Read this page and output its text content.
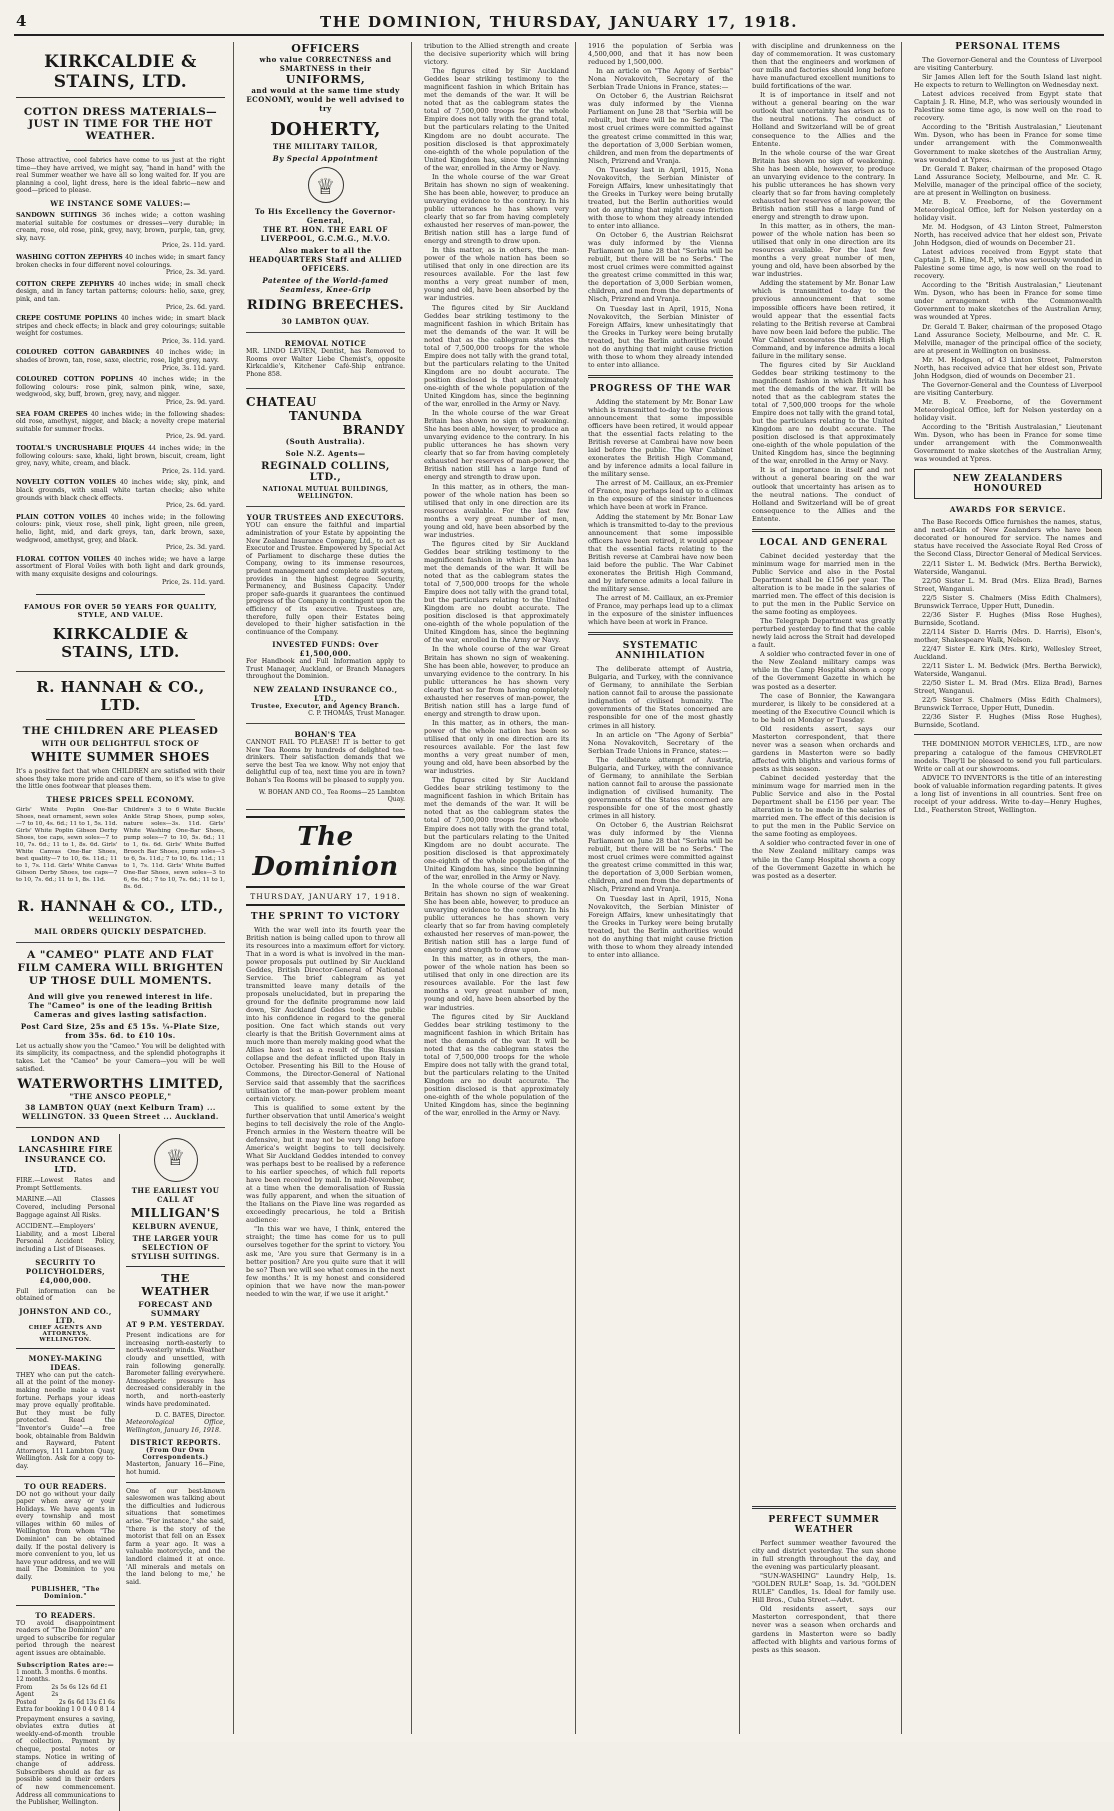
4	THE DOMINION, THURSDAY, JANUARY 17, 1918.
KIRKCALDIE & STAINS, LTD.
COTTON DRESS MATERIALS—JUST IN TIME FOR THE HOT WEATHER.
Those attractive, cool fabrics have come to us just at the right time—they have arrived, we might say, "hand in hand" with the real Summer weather we have all so long waited for. If you are planning a cool, light dress, here is the ideal fabric—new and good—priced to please.
WE INSTANCE SOME VALUES:—
SANDOWN SUITINGS 36 inches wide; a cotton washing material suitable for costumes or dresses—very durable; in cream, rose, old rose, pink, grey, navy, brown, purple, tan, grey, sky, navy.
Price, 2s. 11d. yard.
WASHING COTTON ZEPHYRS 40 inches wide; in smart fancy broken checks in four different novel colourings.
Price, 2s. 3d. yard.
COTTON CREPE ZEPHYRS 40 inches wide; in small check design, and in fancy tartan patterns; colours: helio, saxe, grey, pink, and tan.
Price, 2s. 6d. yard.
CREPE COSTUME POPLINS 40 inches wide; in smart black stripes and check effects; in black and grey colourings; suitable weight for costumes.
Price, 3s. 11d. yard.
COLOURED COTTON GABARDINES 40 inches wide; in shades of brown, tan, rose, saxe, electric, rose, light grey, navy.
Price, 3s. 11d. yard.
COLOURED COTTON POPLINS 40 inches wide; in the following colours: rose pink, salmon pink, wine, saxe, wedgwood, sky, buff, brown, grey, navy, and nigger.
Price, 2s. 9d. yard.
SEA FOAM CREPES 40 inches wide; in the following shades: old rose, amethyst, nigger, and black; a novelty crepe material suitable for summer frocks.
Price, 2s. 9d. yard.
TOOTAL'S UNCRUSHABLE PIQUES 44 inches wide; in the following colours: saxe, khaki, light brown, biscuit, cream, light grey, navy, white, cream, and black.
Price, 2s. 11d. yard.
NOVELTY COTTON VOILES 40 inches wide; sky, pink, and black grounds, with small white tartan checks; also white grounds with black check effects.
Price, 2s. 6d. yard.
PLAIN COTTON VOILES 40 inches wide; in the following colours: pink, vieux rose, shell pink, light green, nile green, helio, light, mid, and dark greys, tan, dark brown, saxe, wedgwood, amethyst, grey, and black.
Price, 2s. 3d. yard.
FLORAL COTTON VOILES 40 inches wide; we have a large assortment of Floral Voiles with both light and dark grounds, with many exquisite designs and colourings.
Price, 2s. 11d. yard.
FAMOUS FOR OVER 50 YEARS FOR QUALITY, STYLE, AND VALUE.
KIRKCALDIE & STAINS, LTD.
R. HANNAH & CO., LTD.
THE CHILDREN ARE PLEASED
WITH OUR DELIGHTFUL STOCK OF
WHITE SUMMER SHOES
It's a positive fact that when CHILDREN are satisfied with their shoes they take more pride and care of them, so it's wise to give the little ones footwear that pleases them.
THESE PRICES SPELL ECONOMY.
Girls' White Poplin One-Bar Shoes, neat ornament, sewn soles—7 to 10, 4s. 6d.; 11 to 1, 5s. 11d. Girls' White Poplin Gibson Derby Shoes, toe caps, sewn soles—7 to 10, 7s. 6d.; 11 to 1, 8s. 6d. Girls' White Canvas One-Bar Shoes, best quality—7 to 10, 6s. 11d.; 11 to 1, 7s. 11d. Girls' White Canvas Gibson Derby Shoes, toe caps—7 to 10, 7s. 6d.; 11 to 1, 8s. 11d.
Children's 3 to 6 White Buckle Ankle Strap Shoes, pump soles, nature soles—3s. 11d. Girls' White Washing One-Bar Shoes, pump soles—7 to 10, 5s. 6d.; 11 to 1, 6s. 6d. Girls' White Buffed Brooch Bar Shoes, pump soles—3 to 6, 5s. 11d.; 7 to 10, 6s. 11d.; 11 to 1, 7s. 11d. Girls' White Buffed One-Bar Shoes, sewn soles—3 to 6, 6s. 6d.; 7 to 10, 7s. 6d.; 11 to 1, 8s. 6d.
R. HANNAH & CO., LTD.,
WELLINGTON.
MAIL ORDERS QUICKLY DESPATCHED.
A "CAMEO" PLATE AND FLAT FILM CAMERA WILL BRIGHTEN UP THOSE DULL MOMENTS.
And will give you renewed interest in life.
The "Cameo" is one of the leading British Cameras and gives lasting satisfaction.
Post Card Size, 25s and £5 15s. ¼-Plate Size, from 35s. 6d. to £10 10s.
Let us actually show you the "Cameo." You will be delighted with its simplicity, its compactness, and the splendid photographs it takes. Let the "Cameo" be your Camera—you will be well satisfied.
WATERWORTHS LIMITED,
"THE ANSCO PEOPLE,"
38 LAMBTON QUAY (next Kelburn Tram) ... WELLINGTON. 33 Queen Street ... Auckland.
LONDON AND LANCASHIRE FIRE INSURANCE CO. LTD.
FIRE.—Lowest Rates and Prompt Settlements.
MARINE.—All Classes Covered, including Personal Baggage against All Risks.
ACCIDENT.—Employers' Liability, and a most Liberal Personal Accident Policy, including a List of Diseases.
SECURITY TO POLICYHOLDERS, £4,000,000.
Full information can be obtained of
JOHNSTON AND CO., LTD.
CHIEF AGENTS AND ATTORNEYS, WELLINGTON.
MONEY-MAKING IDEAS.
THEY who can put the catch-all at the point of the money-making needle make a vast fortune. Perhaps your ideas may prove equally profitable. But they must be fully protected. Read the "Inventor's Guide"—a free book, obtainable from Baldwin and Rayward, Patent Attorneys, 111 Lambton Quay, Wellington. Ask for a copy to-day.
TO OUR READERS.
DO not go without your daily paper when away or your Holidays. We have agents in every township and most villages within 60 miles of Wellington from whom "The Dominion" can be obtained daily. If the postal delivery is more convenient to you, let us have your address, and we will mail The Dominion to you daily.
PUBLISHER, "The Dominion."
TO READERS.
TO avoid disappointment readers of "The Dominion" are urged to subscribe for regular period through the nearest agent issues are obtainable.
Subscription Rates are:—
1 month. 3 months. 6 months. 12 months.
From Agent
2s 5s 6s 12s 6d £1 2s
Posted	2s 6s 6d 13s £1 6s
Extra for booking 1 0 0 4 0 8 1 4
Prepayment ensures a saving, obviates extra duties at weekly-end-of-month trouble of collection. Payment by cheque, postal notes or stamps. Notice in writing of change of address. Subscribers should as far as possible send in their orders of new commencement. Address all communications to the Publisher, Wellington.
♕
THE EARLIEST YOU CALL AT
MILLIGAN'S
KELBURN AVENUE,
THE LARGER YOUR SELECTION OF STYLISH SUITINGS.
THE WEATHER
FORECAST AND SUMMARY
AT 9 P.M. YESTERDAY.
Present indications are for increasing north-easterly to north-westerly winds. Weather cloudy and unsettled, with rain following generally. Barometer falling everywhere. Atmospheric pressure has decreased considerably in the north, and north-easterly winds have predominated.
D. C. BATES, Director.
Meteorological Office, Wellington, January 16, 1918.
DISTRICT REPORTS.
(From Our Own Correspondents.)
Masterton, January 16—Fine, hot humid.
One of our best-known saleswomen was talking about the difficulties and ludicrous situations that sometimes arise. "For instance," she said, "there is the story of the motorist that fell on an Essex farm a year ago. It was a valuable motorcycle, and the landlord claimed it at once. 'All minerals and metals on the land belong to me,' he said.
OFFICERS
who value CORRECTNESS and SMARTNESS in their
UNIFORMS,
and would at the same time study ECONOMY, would be well advised to try
DOHERTY,
THE MILITARY TAILOR,
By Special Appointment
♕
To His Excellency the Governor-General,
THE RT. HON. THE EARL OF LIVERPOOL, G.C.M.G., M.V.O.
Also maker to all the HEADQUARTERS Staff and ALLIED OFFICERS.
Patentee of the World-famed Seamless, Knee-Grip
RIDING BREECHES.
30 LAMBTON QUAY.
REMOVAL NOTICE
MR. LINDO LEVIEN, Dentist, has Removed to Rooms over Walter Liebe Chemist's, opposite Kirkcaldie's, Kitchener Café-Ship entrance. Phone 858.
CHATEAU
TANUNDA
BRANDY
(South Australia).
Sole N.Z. Agents—
REGINALD COLLINS, LTD.,
NATIONAL MUTUAL BUILDINGS, WELLINGTON.
YOUR TRUSTEES AND EXECUTORS.
YOU can ensure the faithful and impartial administration of your Estate by appointing the New Zealand Insurance Company, Ltd., to act as Executor and Trustee. Empowered by Special Act of Parliament to discharge these duties the Company, owing to its immense resources, prudent management and complete audit system, provides in the highest degree Security, Permanency, and Business Capacity. Under proper safe-guards it guarantees the continued progress of the Company in contingent upon the efficiency of its executive. Trustees are, therefore, fully open their Estates being developed to their higher satisfaction in the continuance of the Company.
INVESTED FUNDS: Over £1,500,000.
For Handbook and Full Information apply to Trust Manager, Auckland, or Branch Managers throughout the Dominion.
NEW ZEALAND INSURANCE CO., LTD.,
Trustee, Executor, and Agency Branch.
C. P. THOMAS, Trust Manager.
BOHAN'S TEA
CANNOT FAIL TO PLEASE! IT is better to get New Tea Rooms by hundreds of delighted tea-drinkers. Their satisfaction demands that we serve the best Tea we know. Why not enjoy that delightful cup of tea, next time you are in town? Bohan's Tea Rooms will be pleased to supply you.
W. BOHAN AND CO., Tea Rooms—25 Lambton Quay.
The Dominion
THURSDAY, JANUARY 17, 1918.
THE SPRINT TO VICTORY

With the war well into its fourth year the British nation is being called upon to throw all its resources into a maximum effort for victory. That in a word is what is involved in the man-power proposals put outlined by Sir Auckland Geddes, British Director-General of National Service. The brief cablegram as yet transmitted leave many details of the proposals unelucidated, but in preparing the ground for the definite programme now laid down, Sir Auckland Geddes took the public into his confidence in regard to the general position. One fact which stands out very clearly is that the British Government aims at much more than merely making good what the Allies have lost as a result of the Russian collapse and the defeat inflicted upon Italy in October. Presenting his Bill to the House of Commons, the Director-General of National Service said that assembly that the sacrifices utilisation of the man-power problem meant certain victory.

This is qualified to some extent by the further observation that until America's weight begins to tell decisively the role of the Anglo-French armies in the Western theatre will be defensive, but it may not be very long before America's weight begins to tell decisively. What Sir Auckland Geddes intended to convey was perhaps best to be realised by a reference to his earlier speeches, of which full reports have been received by mail. In mid-November, at a time when the demoralisation of Russia was fully apparent, and when the situation of the Italians on the Piave line was regarded as exceedingly precarious, he told a British audience:

"In this war we have, I think, entered the straight; the time has come for us to pull ourselves together for the sprint to victory. You ask me, 'Are you sure that Germany is in a better position? Are you quite sure that it will be so? Then we will see what comes in the next few months.' It is my honest and considered opinion that we have now the man-power needed to win the war, if we use it aright."

tribution to the Allied strength and create the decisive superiority which will bring victory.

The figures cited by Sir Auckland Geddes bear striking testimony to the magnificent fashion in which Britain has met the demands of the war. It will be noted that as the cablegram states the total of 7,500,000 troops for the whole Empire does not tally with the grand total, but the particulars relating to the United Kingdom are no doubt accurate. The position disclosed is that approximately one-eighth of the whole population of the United Kingdom has, since the beginning of the war, enrolled in the Army or Navy.

In the whole course of the war Great Britain has shown no sign of weakening. She has been able, however, to produce an unvarying evidence to the contrary. In his public utterances he has shown very clearly that so far from having completely exhausted her reserves of man-power, the British nation still has a large fund of energy and strength to draw upon.

In this matter, as in others, the man-power of the whole nation has been so utilised that only in one direction are its resources available. For the last few months a very great number of men, young and old, have been absorbed by the war industries.

The figures cited by Sir Auckland Geddes bear striking testimony to the magnificent fashion in which Britain has met the demands of the war. It will be noted that as the cablegram states the total of 7,500,000 troops for the whole Empire does not tally with the grand total, but the particulars relating to the United Kingdom are no doubt accurate. The position disclosed is that approximately one-eighth of the whole population of the United Kingdom has, since the beginning of the war, enrolled in the Army or Navy.

In the whole course of the war Great Britain has shown no sign of weakening. She has been able, however, to produce an unvarying evidence to the contrary. In his public utterances he has shown very clearly that so far from having completely exhausted her reserves of man-power, the British nation still has a large fund of energy and strength to draw upon.

In this matter, as in others, the man-power of the whole nation has been so utilised that only in one direction are its resources available. For the last few months a very great number of men, young and old, have been absorbed by the war industries.

The figures cited by Sir Auckland Geddes bear striking testimony to the magnificent fashion in which Britain has met the demands of the war. It will be noted that as the cablegram states the total of 7,500,000 troops for the whole Empire does not tally with the grand total, but the particulars relating to the United Kingdom are no doubt accurate. The position disclosed is that approximately one-eighth of the whole population of the United Kingdom has, since the beginning of the war, enrolled in the Army or Navy.

In the whole course of the war Great Britain has shown no sign of weakening. She has been able, however, to produce an unvarying evidence to the contrary. In his public utterances he has shown very clearly that so far from having completely exhausted her reserves of man-power, the British nation still has a large fund of energy and strength to draw upon.

In this matter, as in others, the man-power of the whole nation has been so utilised that only in one direction are its resources available. For the last few months a very great number of men, young and old, have been absorbed by the war industries.

The figures cited by Sir Auckland Geddes bear striking testimony to the magnificent fashion in which Britain has met the demands of the war. It will be noted that as the cablegram states the total of 7,500,000 troops for the whole Empire does not tally with the grand total, but the particulars relating to the United Kingdom are no doubt accurate. The position disclosed is that approximately one-eighth of the whole population of the United Kingdom has, since the beginning of the war, enrolled in the Army or Navy.

In the whole course of the war Great Britain has shown no sign of weakening. She has been able, however, to produce an unvarying evidence to the contrary. In his public utterances he has shown very clearly that so far from having completely exhausted her reserves of man-power, the British nation still has a large fund of energy and strength to draw upon.

In this matter, as in others, the man-power of the whole nation has been so utilised that only in one direction are its resources available. For the last few months a very great number of men, young and old, have been absorbed by the war industries.

The figures cited by Sir Auckland Geddes bear striking testimony to the magnificent fashion in which Britain has met the demands of the war. It will be noted that as the cablegram states the total of 7,500,000 troops for the whole Empire does not tally with the grand total, but the particulars relating to the United Kingdom are no doubt accurate. The position disclosed is that approximately one-eighth of the whole population of the United Kingdom has, since the beginning of the war, enrolled in the Army or Navy.

1916 the population of Serbia was 4,500,000, and that it has now been reduced by 1,500,000.

In an article on "The Agony of Serbia" Nona Novakovitch, Secretary of the Serbian Trade Unions in France, states:—

On October 6, the Austrian Reichsrat was duly informed by the Vienna Parliament on June 28 that "Serbia will be rebuilt, but there will be no Serbs." The most cruel crimes were committed against the greatest crime committed in this war, the deportation of 3,000 Serbian women, children, and men from the departments of Nisch, Prizrend and Vranja.

On Tuesday last in April, 1915, Nona Novakovitch, the Serbian Minister of Foreign Affairs, knew unhesitatingly that the Greeks in Turkey were being brutally treated, but the Berlin authorities would not do anything that might cause friction with those to whom they already intended to enter into alliance.

On October 6, the Austrian Reichsrat was duly informed by the Vienna Parliament on June 28 that "Serbia will be rebuilt, but there will be no Serbs." The most cruel crimes were committed against the greatest crime committed in this war, the deportation of 3,000 Serbian women, children, and men from the departments of Nisch, Prizrend and Vranja.

On Tuesday last in April, 1915, Nona Novakovitch, the Serbian Minister of Foreign Affairs, knew unhesitatingly that the Greeks in Turkey were being brutally treated, but the Berlin authorities would not do anything that might cause friction with those to whom they already intended to enter into alliance.

PROGRESS OF THE WAR

Adding the statement by Mr. Bonar Law which is transmitted to-day to the previous announcement that some impossible officers have been retired, it would appear that the essential facts relating to the British reverse at Cambrai have now been laid before the public. The War Cabinet exonerates the British High Command, and by inference admits a local failure in the military sense.

The arrest of M. Caillaux, an ex-Premier of France, may perhaps lead up to a climax in the exposure of the sinister influences which have been at work in France.

Adding the statement by Mr. Bonar Law which is transmitted to-day to the previous announcement that some impossible officers have been retired, it would appear that the essential facts relating to the British reverse at Cambrai have now been laid before the public. The War Cabinet exonerates the British High Command, and by inference admits a local failure in the military sense.

The arrest of M. Caillaux, an ex-Premier of France, may perhaps lead up to a climax in the exposure of the sinister influences which have been at work in France.

SYSTEMATIC ANNIHILATION

The deliberate attempt of Austria, Bulgaria, and Turkey, with the connivance of Germany, to annihilate the Serbian nation cannot fail to arouse the passionate indignation of civilised humanity. The governments of the States concerned are responsible for one of the most ghastly crimes in all history.

In an article on "The Agony of Serbia" Nona Novakovitch, Secretary of the Serbian Trade Unions in France, states:—

The deliberate attempt of Austria, Bulgaria, and Turkey, with the connivance of Germany, to annihilate the Serbian nation cannot fail to arouse the passionate indignation of civilised humanity. The governments of the States concerned are responsible for one of the most ghastly crimes in all history.

On October 6, the Austrian Reichsrat was duly informed by the Vienna Parliament on June 28 that "Serbia will be rebuilt, but there will be no Serbs." The most cruel crimes were committed against the greatest crime committed in this war, the deportation of 3,000 Serbian women, children, and men from the departments of Nisch, Prizrend and Vranja.

On Tuesday last in April, 1915, Nona Novakovitch, the Serbian Minister of Foreign Affairs, knew unhesitatingly that the Greeks in Turkey were being brutally treated, but the Berlin authorities would not do anything that might cause friction with those to whom they already intended to enter into alliance.

with discipline and drunkenness on the day of commemoration. It was customary then that the engineers and workmen of our mills and factories should long before have manufactured excellent munitions to build fortifications of the war.

It is of importance in itself and not without a general bearing on the war outlook that uncertainty has arisen as to the neutral nations. The conduct of Holland and Switzerland will be of great consequence to the Allies and the Entente.

In the whole course of the war Great Britain has shown no sign of weakening. She has been able, however, to produce an unvarying evidence to the contrary. In his public utterances he has shown very clearly that so far from having completely exhausted her reserves of man-power, the British nation still has a large fund of energy and strength to draw upon.

In this matter, as in others, the man-power of the whole nation has been so utilised that only in one direction are its resources available. For the last few months a very great number of men, young and old, have been absorbed by the war industries.

Adding the statement by Mr. Bonar Law which is transmitted to-day to the previous announcement that some impossible officers have been retired, it would appear that the essential facts relating to the British reverse at Cambrai have now been laid before the public. The War Cabinet exonerates the British High Command, and by inference admits a local failure in the military sense.

The figures cited by Sir Auckland Geddes bear striking testimony to the magnificent fashion in which Britain has met the demands of the war. It will be noted that as the cablegram states the total of 7,500,000 troops for the whole Empire does not tally with the grand total, but the particulars relating to the United Kingdom are no doubt accurate. The position disclosed is that approximately one-eighth of the whole population of the United Kingdom has, since the beginning of the war, enrolled in the Army or Navy.

It is of importance in itself and not without a general bearing on the war outlook that uncertainty has arisen as to the neutral nations. The conduct of Holland and Switzerland will be of great consequence to the Allies and the Entente.

LOCAL AND GENERAL

Cabinet decided yesterday that the minimum wage for married men in the Public Service and also in the Postal Department shall be £156 per year. The alteration is to be made in the salaries of married men. The effect of this decision is to put the men in the Public Service on the same footing as employees.

The Telegraph Department was greatly perturbed yesterday to find that the cable newly laid across the Strait had developed a fault.

A soldier who contracted fever in one of the New Zealand military camps was while in the Camp Hospital shown a copy of the Government Gazette in which he was posted as a deserter.

The case of Bonnier, the Kawangara murderer, is likely to be considered at a meeting of the Executive Council which is to be held on Monday or Tuesday.

Old residents assert, says our Masterton correspondent, that there never was a season when orchards and gardens in Masterton were so badly affected with blights and various forms of pests as this season.

Cabinet decided yesterday that the minimum wage for married men in the Public Service and also in the Postal Department shall be £156 per year. The alteration is to be made in the salaries of married men. The effect of this decision is to put the men in the Public Service on the same footing as employees.

A soldier who contracted fever in one of the New Zealand military camps was while in the Camp Hospital shown a copy of the Government Gazette in which he was posted as a deserter.

PERSONAL ITEMS

The Governor-General and the Countess of Liverpool are visiting Canterbury.

Sir James Allen left for the South Island last night. He expects to return to Wellington on Wednesday next.

Latest advices received from Egypt state that Captain J. R. Hine, M.P., who was seriously wounded in Palestine some time ago, is now well on the road to recovery.

According to the "British Australasian," Lieutenant Wm. Dyson, who has been in France for some time under arrangement with the Commonwealth Government to make sketches of the Australian Army, was wounded at Ypres.

Dr. Gerald T. Baker, chairman of the proposed Otago Land Assurance Society, Melbourne, and Mr. C. R. Melville, manager of the principal office of the society, are at present in Wellington on business.

Mr. B. V. Freeborne, of the Government Meteorological Office, left for Nelson yesterday on a holiday visit.

Mr. M. Hodgson, of 43 Linton Street, Palmerston North, has received advice that her eldest son, Private John Hodgson, died of wounds on December 21.

Latest advices received from Egypt state that Captain J. R. Hine, M.P., who was seriously wounded in Palestine some time ago, is now well on the road to recovery.

According to the "British Australasian," Lieutenant Wm. Dyson, who has been in France for some time under arrangement with the Commonwealth Government to make sketches of the Australian Army, was wounded at Ypres.

Dr. Gerald T. Baker, chairman of the proposed Otago Land Assurance Society, Melbourne, and Mr. C. R. Melville, manager of the principal office of the society, are at present in Wellington on business.

Mr. M. Hodgson, of 43 Linton Street, Palmerston North, has received advice that her eldest son, Private John Hodgson, died of wounds on December 21.

The Governor-General and the Countess of Liverpool are visiting Canterbury.

Mr. B. V. Freeborne, of the Government Meteorological Office, left for Nelson yesterday on a holiday visit.

According to the "British Australasian," Lieutenant Wm. Dyson, who has been in France for some time under arrangement with the Commonwealth Government to make sketches of the Australian Army, was wounded at Ypres.

NEW ZEALANDERS HONOURED
AWARDS FOR SERVICE.

The Base Records Office furnishes the names, status, and next-of-kin of New Zealanders who have been decorated or honoured for service. The names and status have received the Associate Royal Red Cross of the Second Class, Director General of Medical Services.

22/11 Sister L. M. Bedwick (Mrs. Bertha Berwick), Waterside, Wanganui.

22/50 Sister L. M. Brad (Mrs. Eliza Brad), Barnes Street, Wanganui.

22/5 Sister S. Chalmers (Miss Edith Chalmers), Brunswick Terrace, Upper Hutt, Dunedin.

22/36 Sister F. Hughes (Miss Rose Hughes), Burnside, Scotland.

22/114 Sister D. Harris (Mrs. D. Harris), Elson's, mother, Shakespeare Walk, Nelson.

22/47 Sister E. Kirk (Mrs. Kirk), Wellesley Street, Auckland.

22/11 Sister L. M. Bedwick (Mrs. Bertha Berwick), Waterside, Wanganui.

22/50 Sister L. M. Brad (Mrs. Eliza Brad), Barnes Street, Wanganui.

22/5 Sister S. Chalmers (Miss Edith Chalmers), Brunswick Terrace, Upper Hutt, Dunedin.

22/36 Sister F. Hughes (Miss Rose Hughes), Burnside, Scotland.

THE DOMINION MOTOR VEHICLES, LTD., are now preparing a catalogue of the famous CHEVROLET models. They'll be pleased to send you full particulars. Write or call at our showrooms.

ADVICE TO INVENTORS is the title of an interesting book of valuable information regarding patents. It gives a long list of inventions in all countries. Sent free on receipt of your address. Write to-day—Henry Hughes, Ltd., Featherston Street, Wellington.

PERFECT SUMMER WEATHER

Perfect summer weather favoured the city and district yesterday. The sun shone in full strength throughout the day, and the evening was particularly pleasant.

"SUN-WASHING" Laundry Help, 1s. "GOLDEN RULE" Soap, 1s. 3d. "GOLDEN RULE" Candles, 1s. Ideal for family use. Hill Bros., Cuba Street.—Advt.

Old residents assert, says our Masterton correspondent, that there never was a season when orchards and gardens in Masterton were so badly affected with blights and various forms of pests as this season.
